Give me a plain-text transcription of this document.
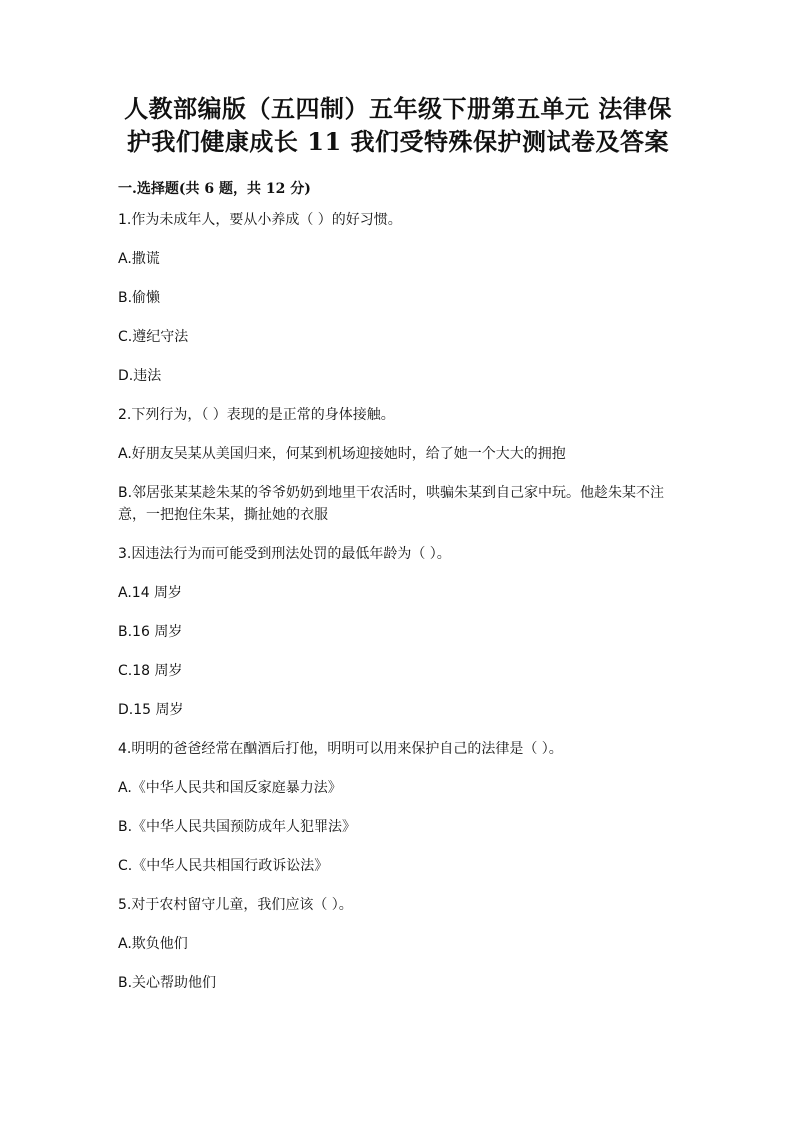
人教部编版（五四制）五年级下册第五单元 法律保
护我们健康成长 11 我们受特殊保护测试卷及答案
一.选择题(共 6 题，共 12 分)
1.作为未成年人，要从小养成（ ）的好习惯。
A.撒谎
B.偷懒
C.遵纪守法
D.违法
2.下列行为，（ ）表现的是正常的身体接触。
A.好朋友吴某从美国归来，何某到机场迎接她时，给了她一个大大的拥抱
B.邻居张某某趁朱某的爷爷奶奶到地里干农活时，哄骗朱某到自己家中玩。他趁朱某不注意，一把抱住朱某，撕扯她的衣服
3.因违法行为而可能受到刑法处罚的最低年龄为（ ）。
A.14 周岁
B.16 周岁
C.18 周岁
D.15 周岁
4.明明的爸爸经常在酗酒后打他，明明可以用来保护自己的法律是（ ）。
A.《中华人民共和国反家庭暴力法》
B.《中华人民共国预防成年人犯罪法》
C.《中华人民共相国行政诉讼法》
5.对于农村留守儿童，我们应该（ ）。
A.欺负他们
B.关心帮助他们
